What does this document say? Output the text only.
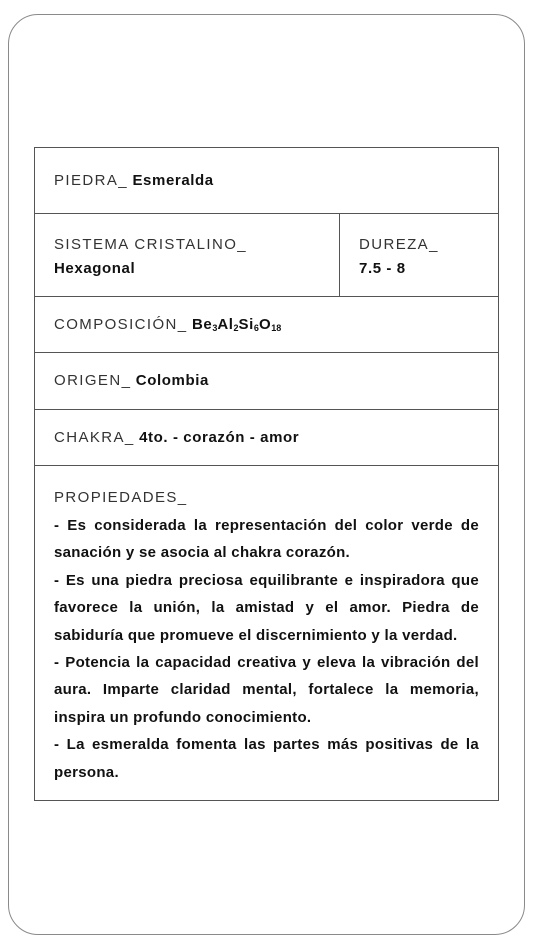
PIEDRA_ Esmeralda
SISTEMA CRISTALINO_
Hexagonal
DUREZA_
7.5 - 8
COMPOSICIÓN_ $Be_3Al_2Si_6O_{18}$
ORIGEN_ Colombia
CHAKRA_ 4to. - corazón - amor
PROPIEDADES_

- Es considerada la representación del color verde de sanación y se asocia al chakra corazón.

- Es una piedra preciosa equilibrante e inspiradora que favorece la unión, la amistad y el amor. Piedra de sabiduría que promueve el discernimiento y la verdad.

- Potencia la capacidad creativa y eleva la vibración del aura. Imparte claridad mental, fortalece la memoria, inspira un profundo conocimiento.

- La esmeralda fomenta las partes más positivas de la persona.
